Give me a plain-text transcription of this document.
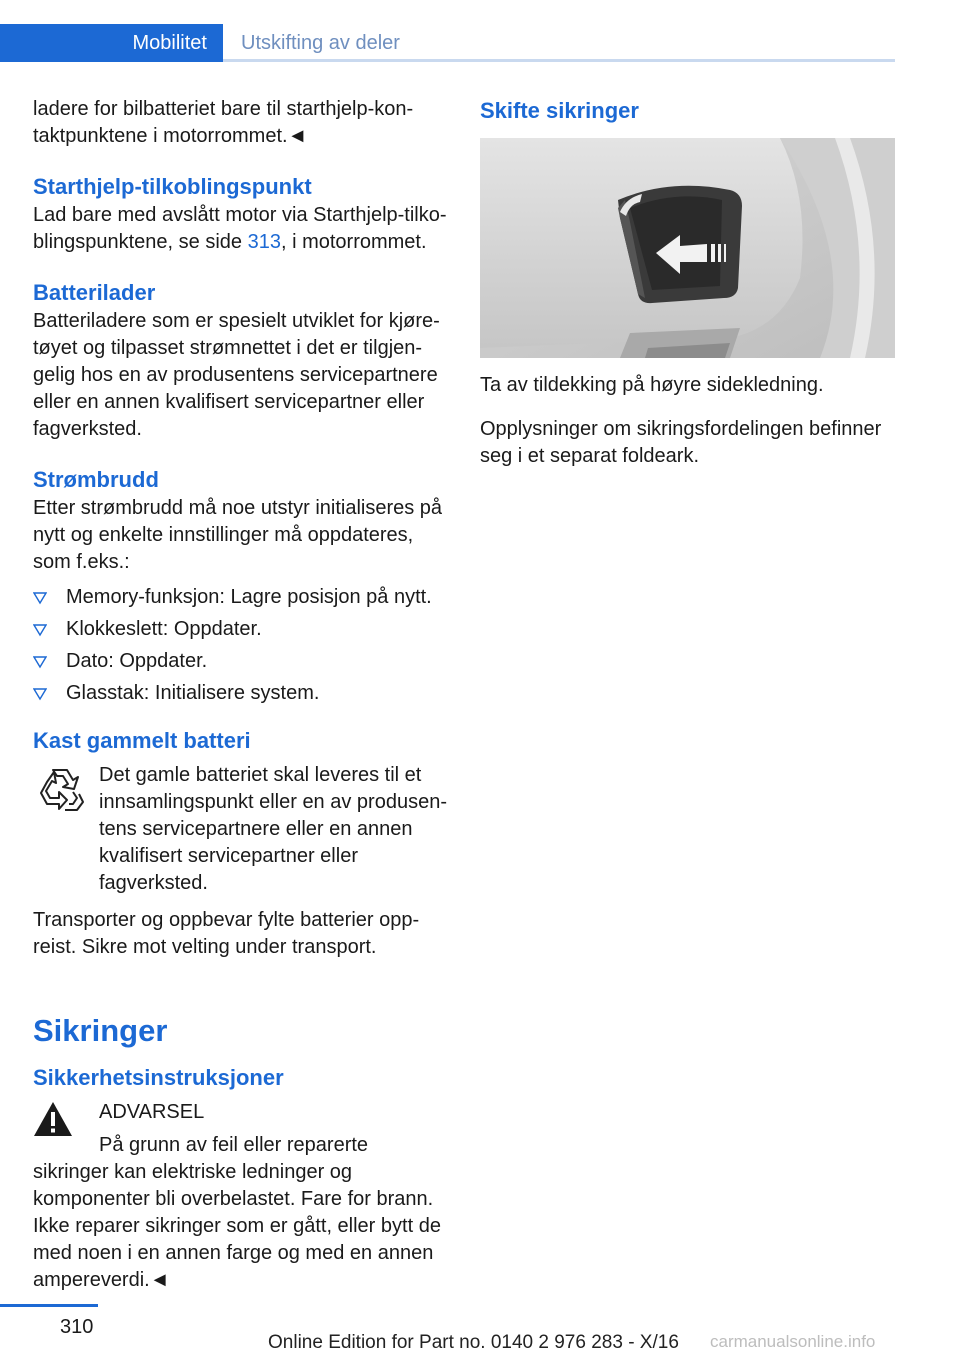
Mobilitet	Utskifting av deler

ladere for bilbatteriet bare til starthjelp-kontaktpunktene i motorrommet.◄

Starthjelp-tilkoblingspunkt

Lad bare med avslått motor via Starthjelp-tilkoblingspunktene, se side 313, i motorrommet.

Batterilader

Batteriladere som er spesielt utviklet for kjøretøyet og tilpasset strømnettet i det er tilgjengelig hos en av produsentens servicepartnere eller en annen kvalifisert servicepartner eller fagverksted.

Strømbrudd

Etter strømbrudd må noe utstyr initialiseres på nytt og enkelte innstillinger må oppdateres, som f.eks.:

Memory-funksjon: Lagre posisjon på nytt.
Klokkeslett: Oppdater.
Dato: Oppdater.
Glasstak: Initialisere system.
Kast gammelt batteri

Det gamle batteriet skal leveres til et innsamlingspunkt eller en av produsentens servicepartnere eller en annen kvalifisert servicepartner eller fagverksted.

Transporter og oppbevar fylte batterier oppreist. Sikre mot velting under transport.

Sikringer
Sikkerhetsinstruksjoner
ADVARSEL

På grunn av feil eller reparerte sikringer kan elektriske ledninger og komponenter bli overbelastet. Fare for brann. Ikke reparer sikringer som er gått, eller bytt de med noen i en annen farge og med en annen ampereverdi.◄

Skifte sikringer

Ta av tildekking på høyre sidekledning.

Opplysninger om sikringsfordelingen befinner seg i et separat foldeark.

310
Online Edition for Part no. 0140 2 976 283 - X/16 carmanualsonline.info
